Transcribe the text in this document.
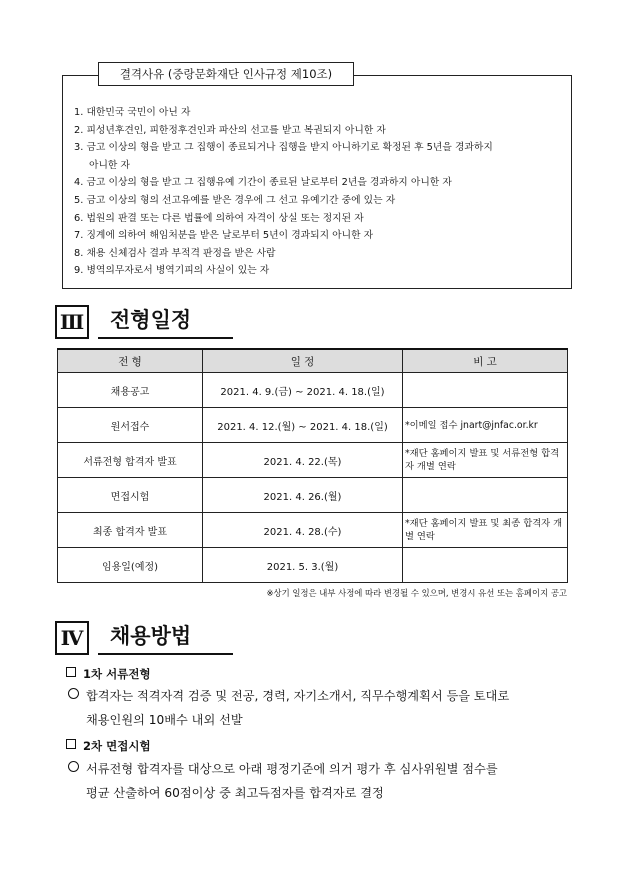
결격사유 (중랑문화재단 인사규정 제10조)
1. 대한민국 국민이 아닌 자
2. 피성년후견인, 피한정후견인과 파산의 선고를 받고 복권되지 아니한 자
3. 금고 이상의 형을 받고 그 집행이 종료되거나 집행을 받지 아니하기로 확정된 후 5년을 경과하지
아니한 자
4. 금고 이상의 형을 받고 그 집행유예 기간이 종료된 날로부터 2년을 경과하지 아니한 자
5. 금고 이상의 형의 선고유예를 받은 경우에 그 선고 유예기간 중에 있는 자
6. 법원의 판결 또는 다른 법률에 의하여 자격이 상실 또는 정지된 자
7. 징계에 의하여 해임처분을 받은 날로부터 5년이 경과되지 아니한 자
8. 채용 신체검사 결과 부적격 판정을 받은 사람
9. 병역의무자로서 병역기피의 사실이 있는 자
Ⅲ	전형일정
전 형	일 정	비 고
채용공고	2021. 4. 9.(금) ~ 2021. 4. 18.(일)	
원서접수	2021. 4. 12.(월) ~ 2021. 4. 18.(일)	*이메일 접수 jnart@jnfac.or.kr
서류전형 합격자 발표	2021. 4. 22.(목)	*재단 홈페이지 발표 및 서류전형 합격자 개별 연락
면접시험	2021. 4. 26.(월)	
최종 합격자 발표	2021. 4. 28.(수)	*재단 홈페이지 발표 및 최종 합격자 개별 연락
임용일(예정)	2021. 5. 3.(월)	
※상기 일정은 내부 사정에 따라 변경될 수 있으며, 변경시 유선 또는 홈페이지 공고
Ⅳ	채용방법
1차 서류전형
합격자는 적격자격 검증 및 전공, 경력, 자기소개서, 직무수행계획서 등을 토대로
채용인원의 10배수 내외 선발
2차 면접시험
서류전형 합격자를 대상으로 아래 평정기준에 의거 평가 후 심사위원별 점수를
평균 산출하여 60점이상 중 최고득점자를 합격자로 결정
